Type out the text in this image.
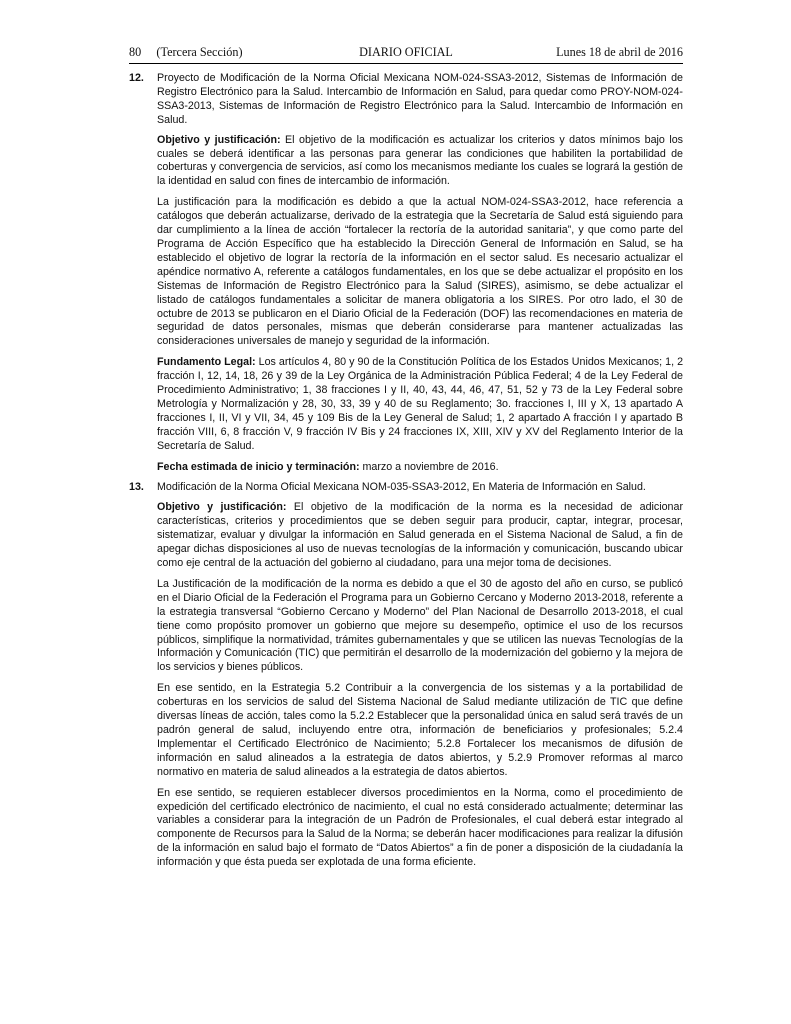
80     (Tercera Sección)	DIARIO OFICIAL	Lunes 18 de abril de 2016
12. Proyecto de Modificación de la Norma Oficial Mexicana NOM-024-SSA3-2012, Sistemas de Información de Registro Electrónico para la Salud. Intercambio de Información en Salud, para quedar como PROY-NOM-024-SSA3-2013, Sistemas de Información de Registro Electrónico para la Salud. Intercambio de Información en Salud.

Objetivo y justificación: El objetivo de la modificación es actualizar los criterios y datos mínimos bajo los cuales se deberá identificar a las personas para generar las condiciones que habiliten la portabilidad de coberturas y convergencia de servicios, así como los mecanismos mediante los cuales se logrará la gestión de la identidad en salud con fines de intercambio de información.

La justificación para la modificación es debido a que la actual NOM-024-SSA3-2012, hace referencia a catálogos que deberán actualizarse, derivado de la estrategia que la Secretaría de Salud está siguiendo para dar cumplimiento a la línea de acción “fortalecer la rectoría de la autoridad sanitaria”, y que como parte del Programa de Acción Específico que ha establecido la Dirección General de Información en Salud, se ha establecido el objetivo de lograr la rectoría de la información en el sector salud. Es necesario actualizar el apéndice normativo A, referente a catálogos fundamentales, en los que se debe actualizar el propósito en los Sistemas de Información de Registro Electrónico para la Salud (SIRES), asimismo, se debe actualizar el listado de catálogos fundamentales a solicitar de manera obligatoria a los SIRES. Por otro lado, el 30 de octubre de 2013 se publicaron en el Diario Oficial de la Federación (DOF) las recomendaciones en materia de seguridad de datos personales, mismas que deberán considerarse para mantener actualizadas las consideraciones universales de manejo y seguridad de la información.

Fundamento Legal: Los artículos 4, 80 y 90 de la Constitución Política de los Estados Unidos Mexicanos; 1, 2 fracción I, 12, 14, 18, 26 y 39 de la Ley Orgánica de la Administración Pública Federal; 4 de la Ley Federal de Procedimiento Administrativo; 1, 38 fracciones I y II, 40, 43, 44, 46, 47, 51, 52 y 73 de la Ley Federal sobre Metrología y Normalización y 28, 30, 33, 39 y 40 de su Reglamento; 3o. fracciones I, III y X, 13 apartado A fracciones I, II, VI y VII, 34, 45 y 109 Bis de la Ley General de Salud; 1, 2 apartado A fracción I y apartado B fracción VIII, 6, 8 fracción V, 9 fracción IV Bis y 24 fracciones IX, XIII, XIV y XV del Reglamento Interior de la Secretaría de Salud.

Fecha estimada de inicio y terminación: marzo a noviembre de 2016.

13. Modificación de la Norma Oficial Mexicana NOM-035-SSA3-2012, En Materia de Información en Salud.

Objetivo y justificación: El objetivo de la modificación de la norma es la necesidad de adicionar características, criterios y procedimientos que se deben seguir para producir, captar, integrar, procesar, sistematizar, evaluar y divulgar la información en Salud generada en el Sistema Nacional de Salud, a fin de apegar dichas disposiciones al uso de nuevas tecnologías de la información y comunicación, buscando ubicar como eje central de la actuación del gobierno al ciudadano, para una mejor toma de decisiones.

La Justificación de la modificación de la norma es debido a que el 30 de agosto del año en curso, se publicó en el Diario Oficial de la Federación el Programa para un Gobierno Cercano y Moderno 2013-2018, referente a la estrategia transversal “Gobierno Cercano y Moderno” del Plan Nacional de Desarrollo 2013-2018, el cual tiene como propósito promover un gobierno que mejore su desempeño, optimice el uso de los recursos públicos, simplifique la normatividad, trámites gubernamentales y que se utilicen las nuevas Tecnologías de la Información y Comunicación (TIC) que permitirán el desarrollo de la modernización del gobierno y la mejora de los servicios y bienes públicos.

En ese sentido, en la Estrategia 5.2 Contribuir a la convergencia de los sistemas y a la portabilidad de coberturas en los servicios de salud del Sistema Nacional de Salud mediante utilización de TIC que define diversas líneas de acción, tales como la 5.2.2 Establecer que la personalidad única en salud será través de un padrón general de salud, incluyendo entre otra, información de beneficiarios y profesionales; 5.2.4 Implementar el Certificado Electrónico de Nacimiento; 5.2.8 Fortalecer los mecanismos de difusión de información en salud alineados a la estrategia de datos abiertos, y 5.2.9 Promover reformas al marco normativo en materia de salud alineados a la estrategia de datos abiertos.

En ese sentido, se requieren establecer diversos procedimientos en la Norma, como el procedimiento de expedición del certificado electrónico de nacimiento, el cual no está considerado actualmente; determinar las variables a considerar para la integración de un Padrón de Profesionales, el cual deberá estar integrado al componente de Recursos para la Salud de la Norma; se deberán hacer modificaciones para realizar la difusión de la información en salud bajo el formato de “Datos Abiertos” a fin de poner a disposición de la ciudadanía la información y que ésta pueda ser explotada de una forma eficiente.
